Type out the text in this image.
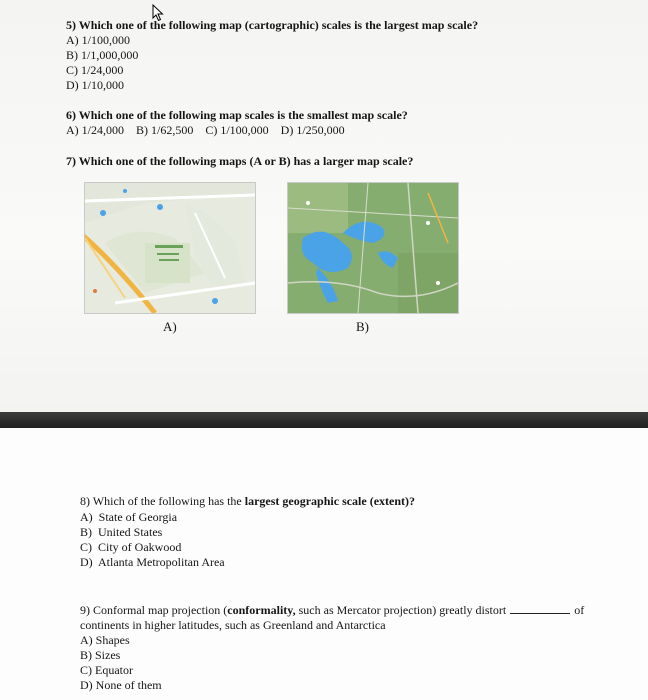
5) Which one of the following map (cartographic) scales is the largest map scale?
A) 1/100,000
B) 1/1,000,000
C) 1/24,000
D) 1/10,000
6) Which one of the following map scales is the smallest map scale?
A) 1/24,000    B) 1/62,500    C) 1/100,000    D) 1/250,000
7) Which one of the following maps (A or B) has a larger map scale?
A)	B)
8) Which of the following has the largest geographic scale (extent)?
A)  State of Georgia
B)  United States
C)  City of Oakwood
D)  Atlanta Metropolitan Area
9) Conformal map projection (conformality, such as Mercator projection) greatly distort	of
continents in higher latitudes, such as Greenland and Antarctica
A) Shapes
B) Sizes
C) Equator
D) None of them
